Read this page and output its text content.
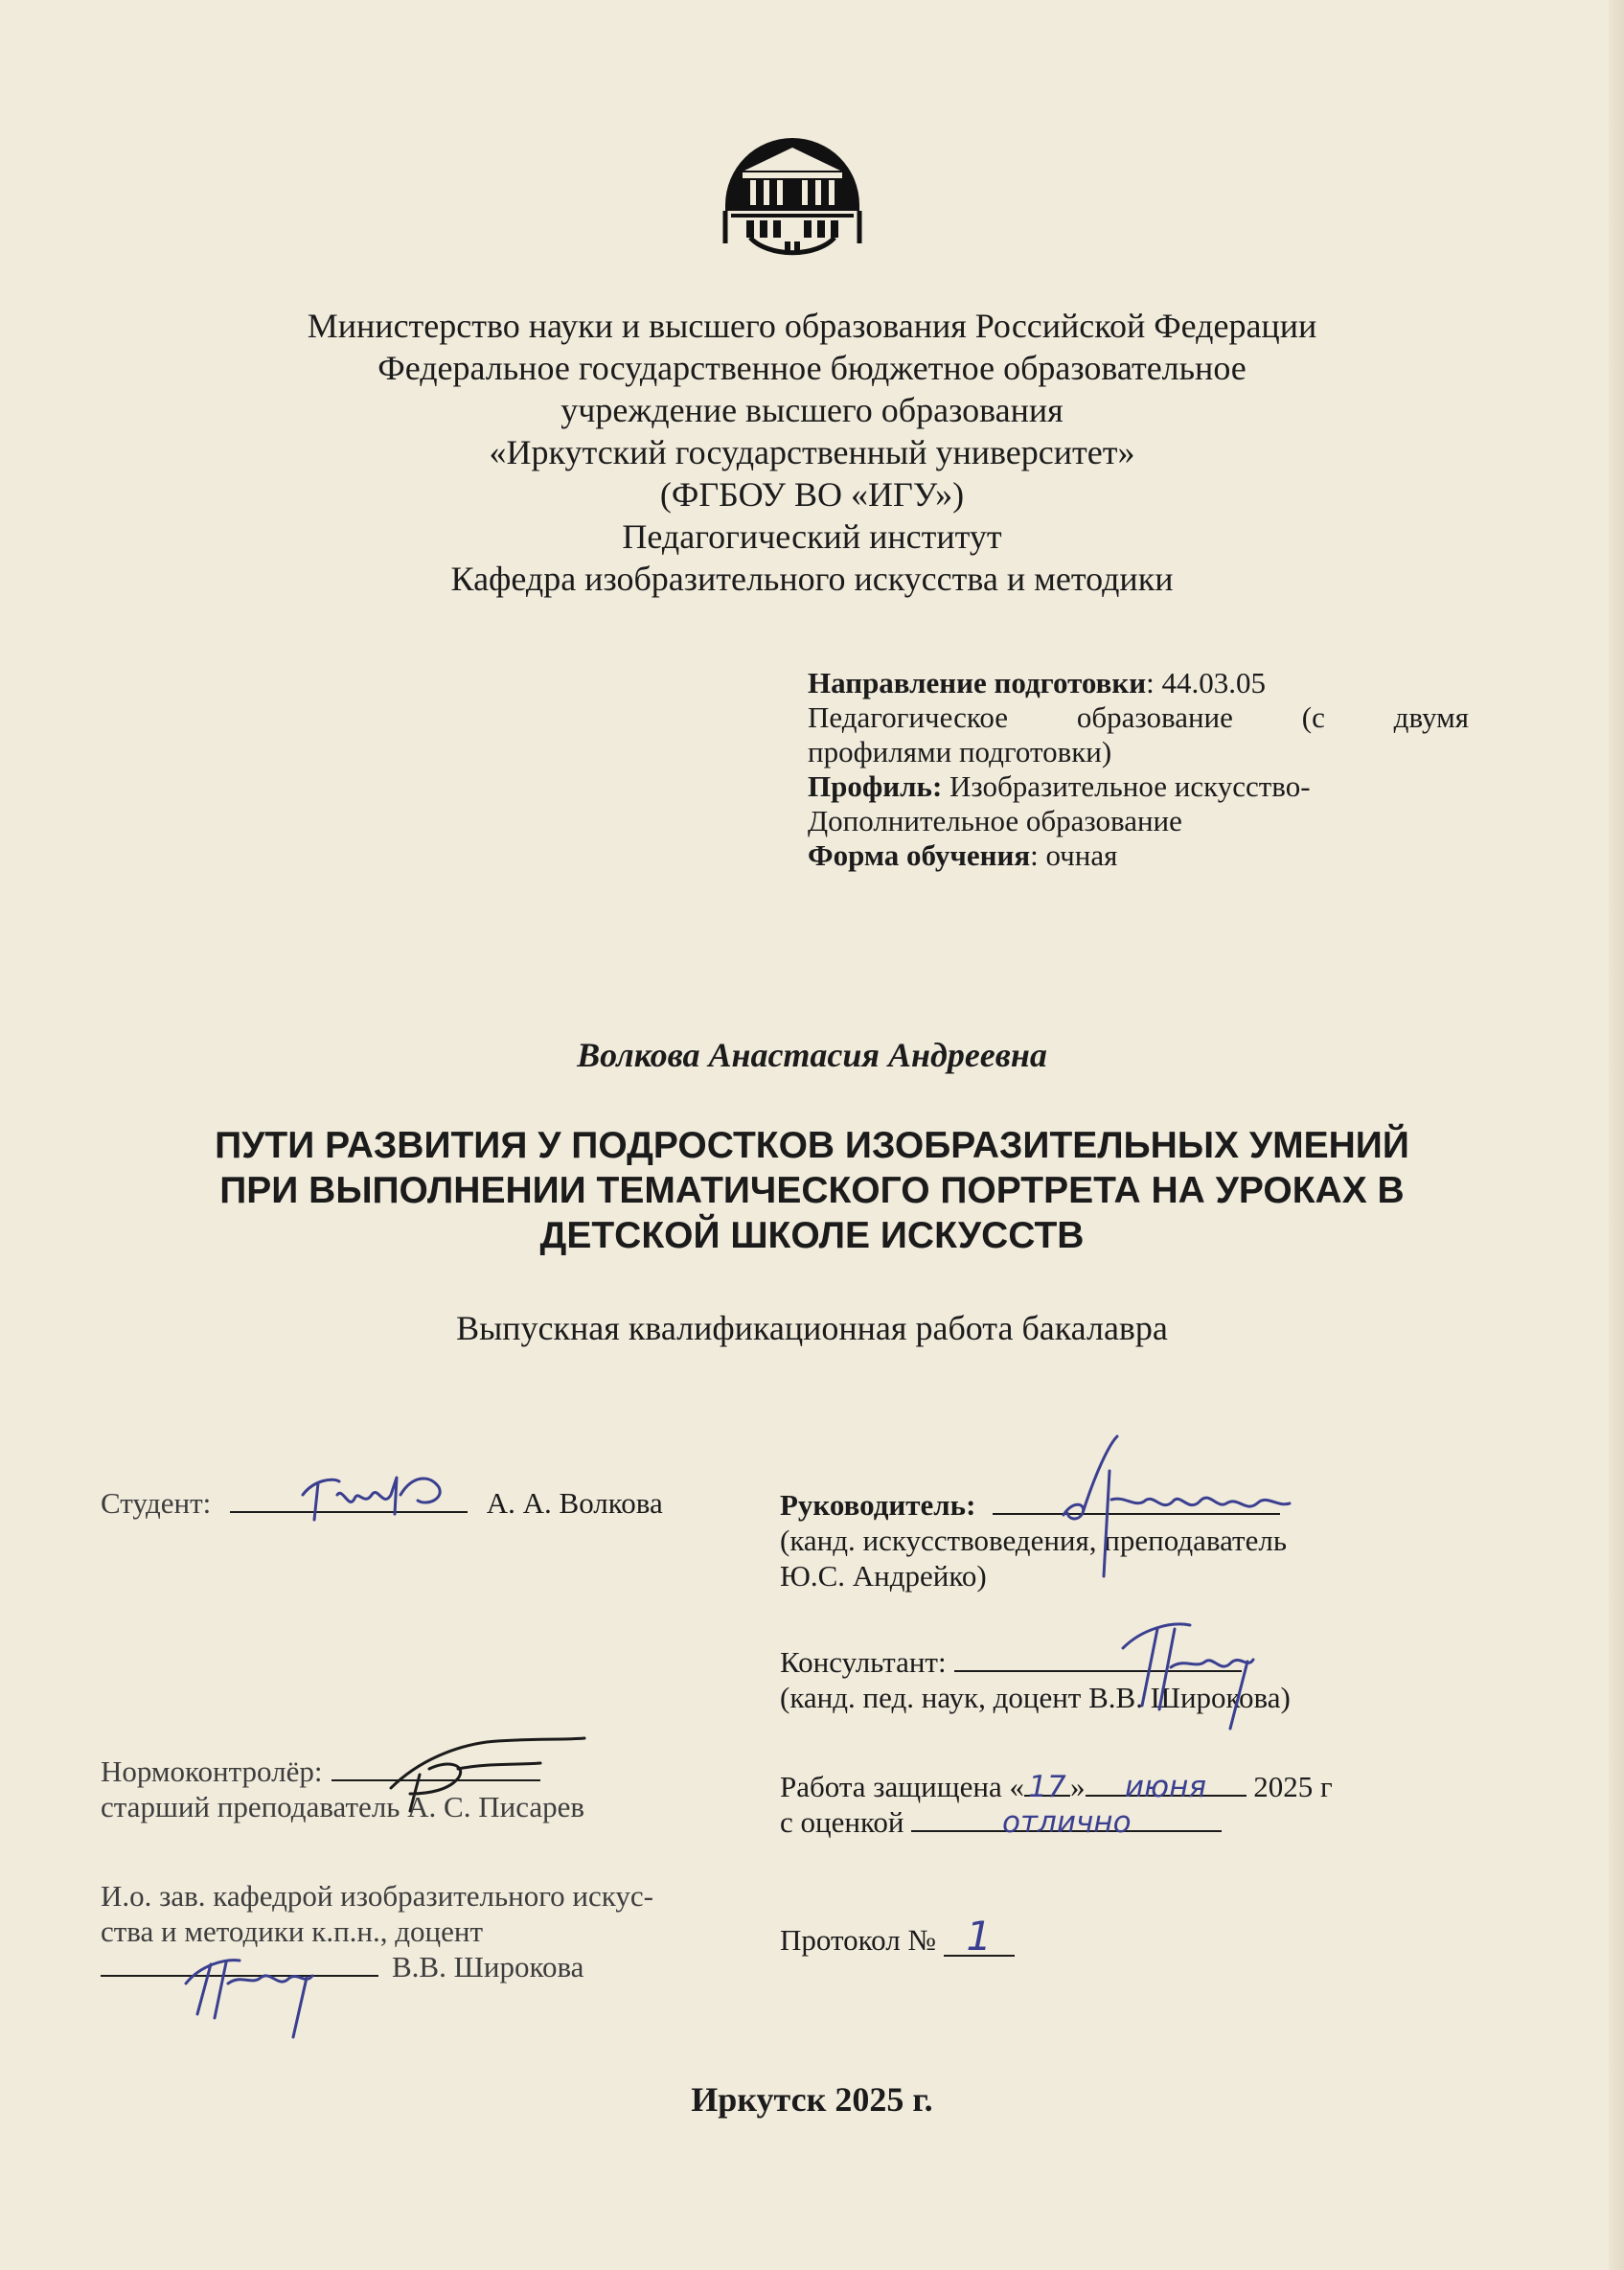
Министерство науки и высшего образования Российской Федерации
Федеральное государственное бюджетное образовательное
учреждение высшего образования
«Иркутский государственный университет»
(ФГБОУ ВО «ИГУ»)
Педагогический институт
Кафедра изобразительного искусства и методики
Направление подготовки: 44.03.05
Педагогическое образование (с двумя
профилями подготовки)
Профиль: Изобразительное искусство-
Дополнительное образование
Форма обучения: очная
Волкова Анастасия Андреевна
ПУТИ РАЗВИТИЯ У ПОДРОСТКОВ ИЗОБРАЗИТЕЛЬНЫХ УМЕНИЙ
ПРИ ВЫПОЛНЕНИИ ТЕМАТИЧЕСКОГО ПОРТРЕТА НА УРОКАХ В
ДЕТСКОЙ ШКОЛЕ ИСКУССТВ
Выпускная квалификационная работа бакалавра
Студент:	А. А. Волкова	Руководитель:
(канд. искусствоведения, преподаватель
Ю.С. Андрейко)
Консультант:
(канд. пед. наук, доцент В.В. Широкова)
Нормоконтролёр:
старший преподаватель А. С. Писарев
Работа защищена « 17 » июня 2025 г
с оценкой	отлично
И.о. зав. кафедрой изобразительного искус-
ства и методики к.п.н., доцент
В.В. Широкова
Протокол № 1
Иркутск 2025 г.
